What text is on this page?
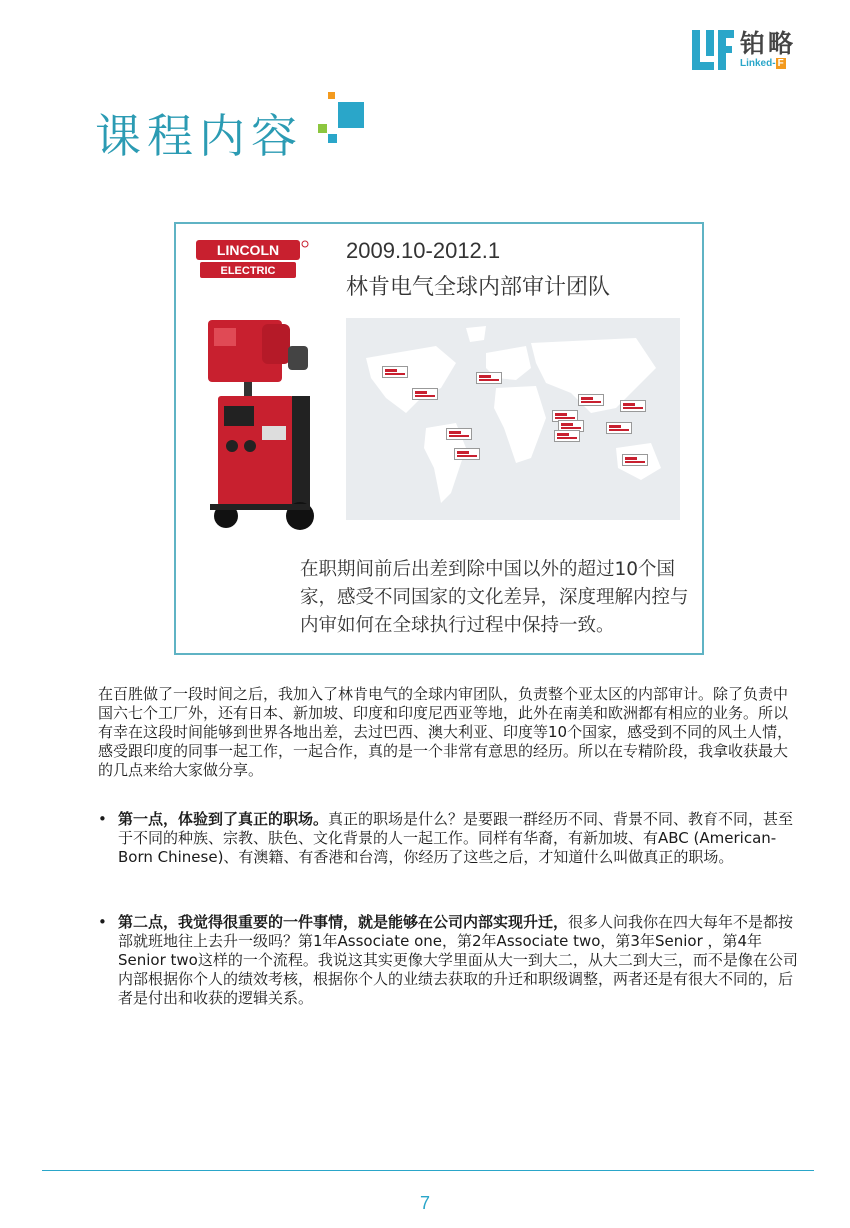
铂略
Linked- F
课程内容
LINCOLN
ELECTRIC
2009.10-2012.1
林肯电气全球内部审计团队
在职期间前后出差到除中国以外的超过10个国家，感受不同国家的文化差异，深度理解内控与内审如何在全球执行过程中保持一致。
在百胜做了一段时间之后，我加入了林肯电气的全球内审团队，负责整个亚太区的内部审计。除了负责中国六七个工厂外，还有日本、新加坡、印度和印度尼西亚等地，此外在南美和欧洲都有相应的业务。所以有幸在这段时间能够到世界各地出差，去过巴西、澳大利亚、印度等10个国家，感受到不同的风土人情，感受跟印度的同事一起工作，一起合作，真的是一个非常有意思的经历。所以在专精阶段，我拿收获最大的几点来给大家做分享。
• 第一点，体验到了真正的职场。真正的职场是什么？是要跟一群经历不同、背景不同、教育不同，甚至于不同的种族、宗教、肤色、文化背景的人一起工作。同样有华裔，有新加坡、有ABC (American-Born Chinese)、有澳籍、有香港和台湾，你经历了这些之后，才知道什么叫做真正的职场。
• 第二点，我觉得很重要的一件事情，就是能够在公司内部实现升迁，很多人问我你在四大每年不是都按部就班地往上去升一级吗？第1年Associate one，第2年Associate two，第3年Senior ，第4年Senior two这样的一个流程。我说这其实更像大学里面从大一到大二，从大二到大三，而不是像在公司内部根据你个人的绩效考核，根据你个人的业绩去获取的升迁和职级调整，两者还是有很大不同的，后者是付出和收获的逻辑关系。
7
